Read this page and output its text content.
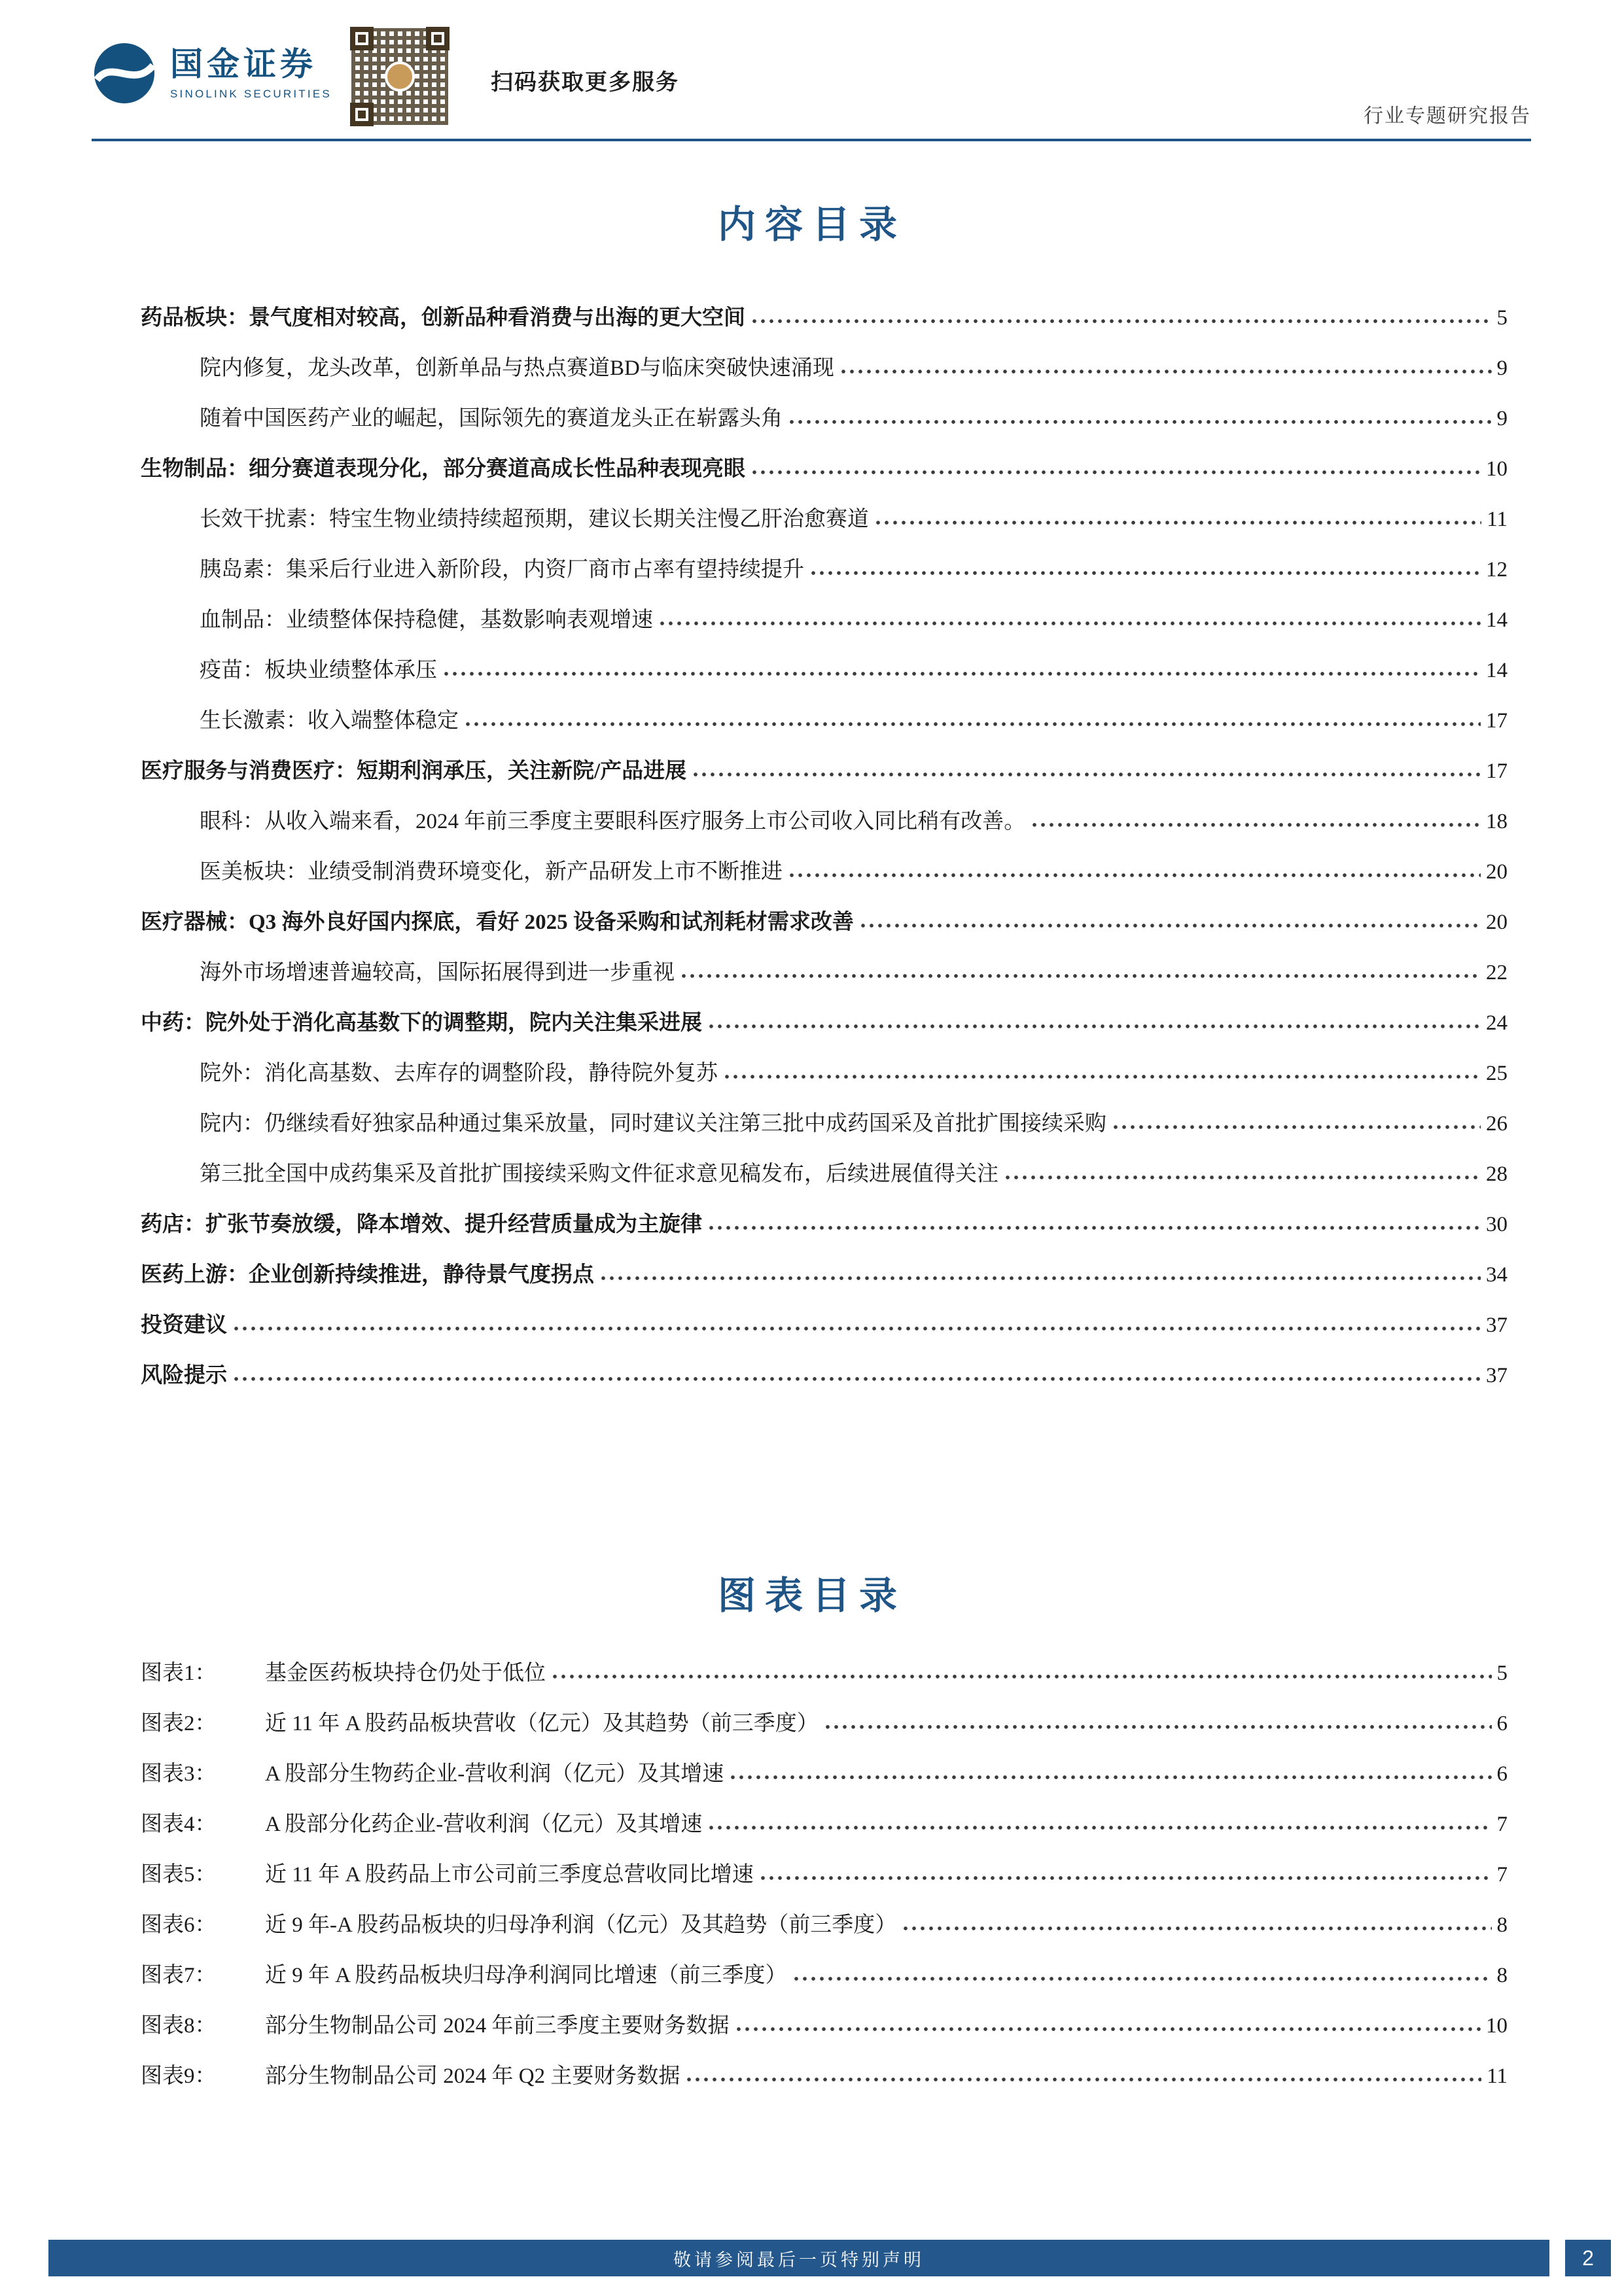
国金证券
SINOLINK SECURITIES	扫码获取更多服务
行业专题研究报告
内容目录
药品板块：景气度相对较高，创新品种看消费与出海的更大空间	5
院内修复，龙头改革，创新单品与热点赛道BD与临床突破快速涌现	9
随着中国医药产业的崛起，国际领先的赛道龙头正在崭露头角	9
生物制品：细分赛道表现分化，部分赛道高成长性品种表现亮眼	10
长效干扰素：特宝生物业绩持续超预期，建议长期关注慢乙肝治愈赛道	11
胰岛素：集采后行业进入新阶段，内资厂商市占率有望持续提升	12
血制品：业绩整体保持稳健，基数影响表观增速	14
疫苗：板块业绩整体承压	14
生长激素：收入端整体稳定	17
医疗服务与消费医疗：短期利润承压，关注新院/产品进展	17
眼科：从收入端来看，2024 年前三季度主要眼科医疗服务上市公司收入同比稍有改善。	18
医美板块：业绩受制消费环境变化，新产品研发上市不断推进	20
医疗器械：Q3 海外良好国内探底，看好 2025 设备采购和试剂耗材需求改善	20
海外市场增速普遍较高，国际拓展得到进一步重视	22
中药：院外处于消化高基数下的调整期，院内关注集采进展	24
院外：消化高基数、去库存的调整阶段，静待院外复苏	25
院内：仍继续看好独家品种通过集采放量，同时建议关注第三批中成药国采及首批扩围接续采购	26
第三批全国中成药集采及首批扩围接续采购文件征求意见稿发布，后续进展值得关注	28
药店：扩张节奏放缓，降本增效、提升经营质量成为主旋律	30
医药上游：企业创新持续推进，静待景气度拐点	34
投资建议	37
风险提示	37
图表目录
图表1：	基金医药板块持仓仍处于低位	5
图表2：	近 11 年 A 股药品板块营收（亿元）及其趋势（前三季度）	6
图表3：	A 股部分生物药企业-营收利润（亿元）及其增速	6
图表4：	A 股部分化药企业-营收利润（亿元）及其增速	7
图表5：	近 11 年 A 股药品上市公司前三季度总营收同比增速	7
图表6：	近 9 年-A 股药品板块的归母净利润（亿元）及其趋势（前三季度）	8
图表7：	近 9 年 A 股药品板块归母净利润同比增速（前三季度）	8
图表8：	部分生物制品公司 2024 年前三季度主要财务数据	10
图表9：	部分生物制品公司 2024 年 Q2 主要财务数据	11
敬请参阅最后一页特别声明	2
